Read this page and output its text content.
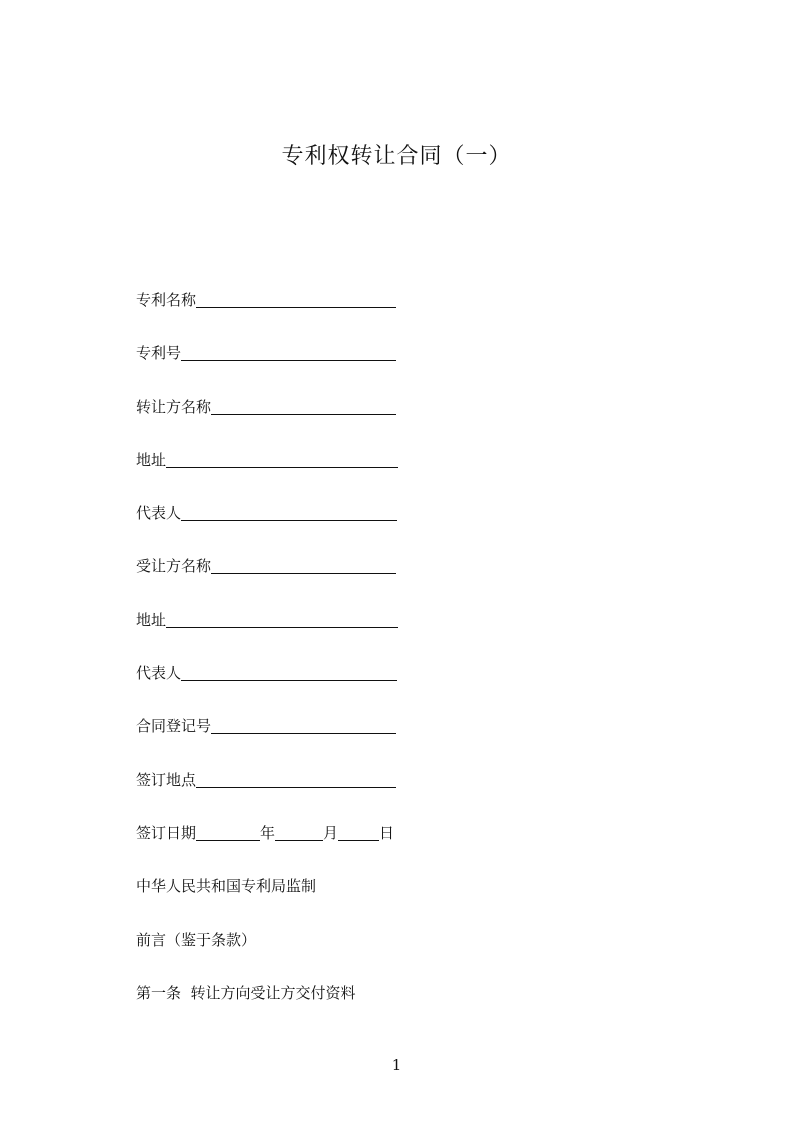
专利权转让合同（一）
专利名称
专利号
转让方名称
地址
代表人
受让方名称
地址
代表人
合同登记号
签订地点
签订日期	年	月	日
中华人民共和国专利局监制
前言（鉴于条款）
第一条  转让方向受让方交付资料
1
